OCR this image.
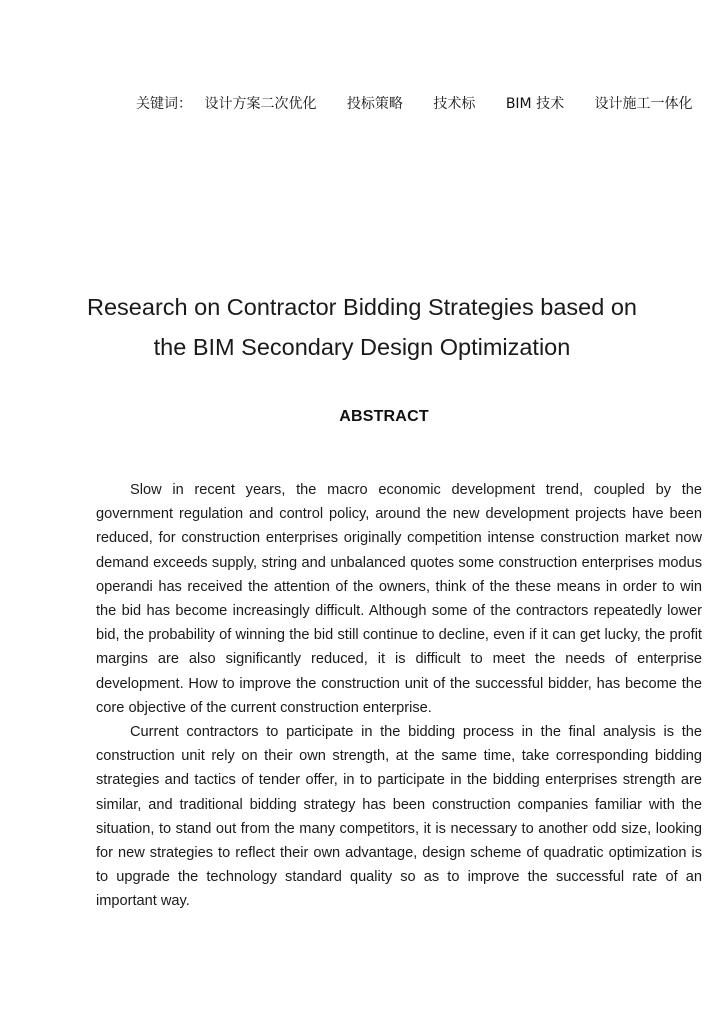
关键词： 设计方案二次优化 投标策略 技术标 BIM 技术 设计施工一体化
Research on Contractor Bidding Strategies based on
the BIM Secondary Design Optimization
ABSTRACT

Slow in recent years, the macro economic development trend, coupled by the government regulation and control policy, around the new development projects have been reduced, for construction enterprises originally competition intense construction market now demand exceeds supply, string and unbalanced quotes some construction enterprises modus operandi has received the attention of the owners, think of the these means in order to win the bid has become increasingly difficult. Although some of the contractors repeatedly lower bid, the probability of winning the bid still continue to decline, even if it can get lucky, the profit margins are also significantly reduced, it is difficult to meet the needs of enterprise development. How to improve the construction unit of the successful bidder, has become the core objective of the current construction enterprise.

Current contractors to participate in the bidding process in the final analysis is the construction unit rely on their own strength, at the same time, take corresponding bidding strategies and tactics of tender offer, in to participate in the bidding enterprises strength are similar, and traditional bidding strategy has been construction companies familiar with the situation, to stand out from the many competitors, it is necessary to another odd size, looking for new strategies to reflect their own advantage, design scheme of quadratic optimization is to upgrade the technology standard quality so as to improve the successful rate of an important way.
